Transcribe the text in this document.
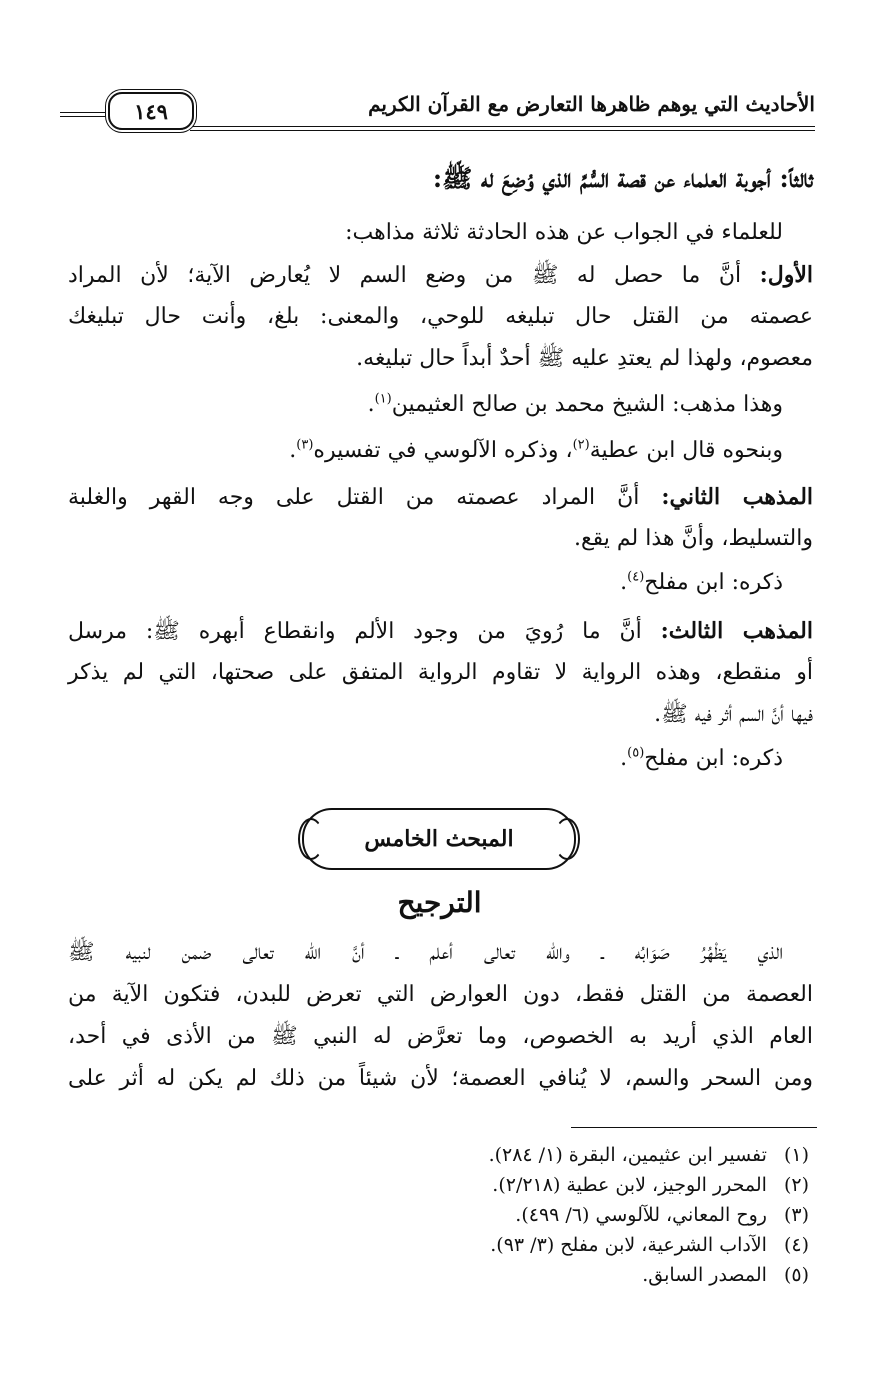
الأحاديث التي يوهم ظاهرها التعارض مع القرآن الكريم
١٤٩
ثالثاً: أجوبة العلماء عن قصة السُّمِّ الذي وُضِعَ له ﷺ:
للعلماء في الجواب عن هذه الحادثة ثلاثة مذاهب:
الأول: أنَّ ما حصل له ﷺ من وضع السم لا يُعارض الآية؛ لأن المراد
عصمته من القتل حال تبليغه للوحي، والمعنى: بلغ، وأنت حال تبليغك
معصوم، ولهذا لم يعتدِ عليه ﷺ أحدٌ أبداً حال تبليغه.
وهذا مذهب: الشيخ محمد بن صالح العثيمين$^{(١)}$.
وبنحوه قال ابن عطية$^{(٢)}$، وذكره الآلوسي في تفسيره$^{(٣)}$.
المذهب الثاني: أنَّ المراد عصمته من القتل على وجه القهر والغلبة
والتسليط، وأنَّ هذا لم يقع.
ذكره: ابن مفلح$^{(٤)}$.
المذهب الثالث: أنَّ ما رُويَ من وجود الألم وانقطاع أبهره ﷺ: مرسل
أو منقطع، وهذه الرواية لا تقاوم الرواية المتفق على صحتها، التي لم يذكر
فيها أنَّ السم أثر فيه ﷺ.
ذكره: ابن مفلح$^{(٥)}$.
المبحث الخامس
الترجيح
الذي يَظْهُرُ صَوَابُه ـ والله تعالى أعلم ـ أنَّ الله تعالى ضمن لنبيه ﷺ
العصمة من القتل فقط، دون العوارض التي تعرض للبدن، فتكون الآية من
العام الذي أريد به الخصوص، وما تعرَّض له النبي ﷺ من الأذى في أحد،
ومن السحر والسم، لا يُنافي العصمة؛ لأن شيئاً من ذلك لم يكن له أثر على
(١) تفسير ابن عثيمين، البقرة (١/ ٢٨٤).
(٢) المحرر الوجيز، لابن عطية (٢/٢١٨).
(٣) روح المعاني، للآلوسي (٦/ ٤٩٩).
(٤) الآداب الشرعية، لابن مفلح (٣/ ٩٣).
(٥) المصدر السابق.
